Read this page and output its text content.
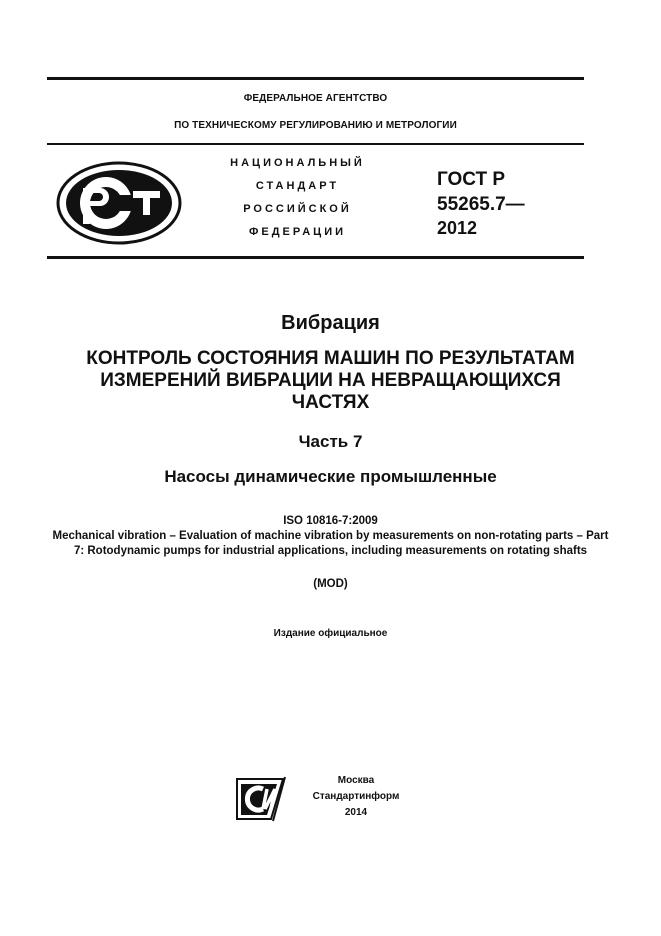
ФЕДЕРАЛЬНОЕ АГЕНТСТВО
ПО ТЕХНИЧЕСКОМУ РЕГУЛИРОВАНИЮ И МЕТРОЛОГИИ
НАЦИОНАЛЬНЫЙ
СТАНДАРТ
РОССИЙСКОЙ
ФЕДЕРАЦИИ
ГОСТ Р
55265.7—
2012
Вибрация
КОНТРОЛЬ СОСТОЯНИЯ МАШИН ПО РЕЗУЛЬТАТАМ ИЗМЕРЕНИЙ ВИБРАЦИИ НА НЕВРАЩАЮЩИХСЯ ЧАСТЯХ
Часть 7
Насосы динамические промышленные
ISO 10816-7:2009
Mechanical vibration – Evaluation of machine vibration by measurements on non-rotating parts – Part 7: Rotodynamic pumps for industrial applications, including measurements on rotating shafts
(MOD)
Издание официальное
Москва
Стандартинформ
2014
